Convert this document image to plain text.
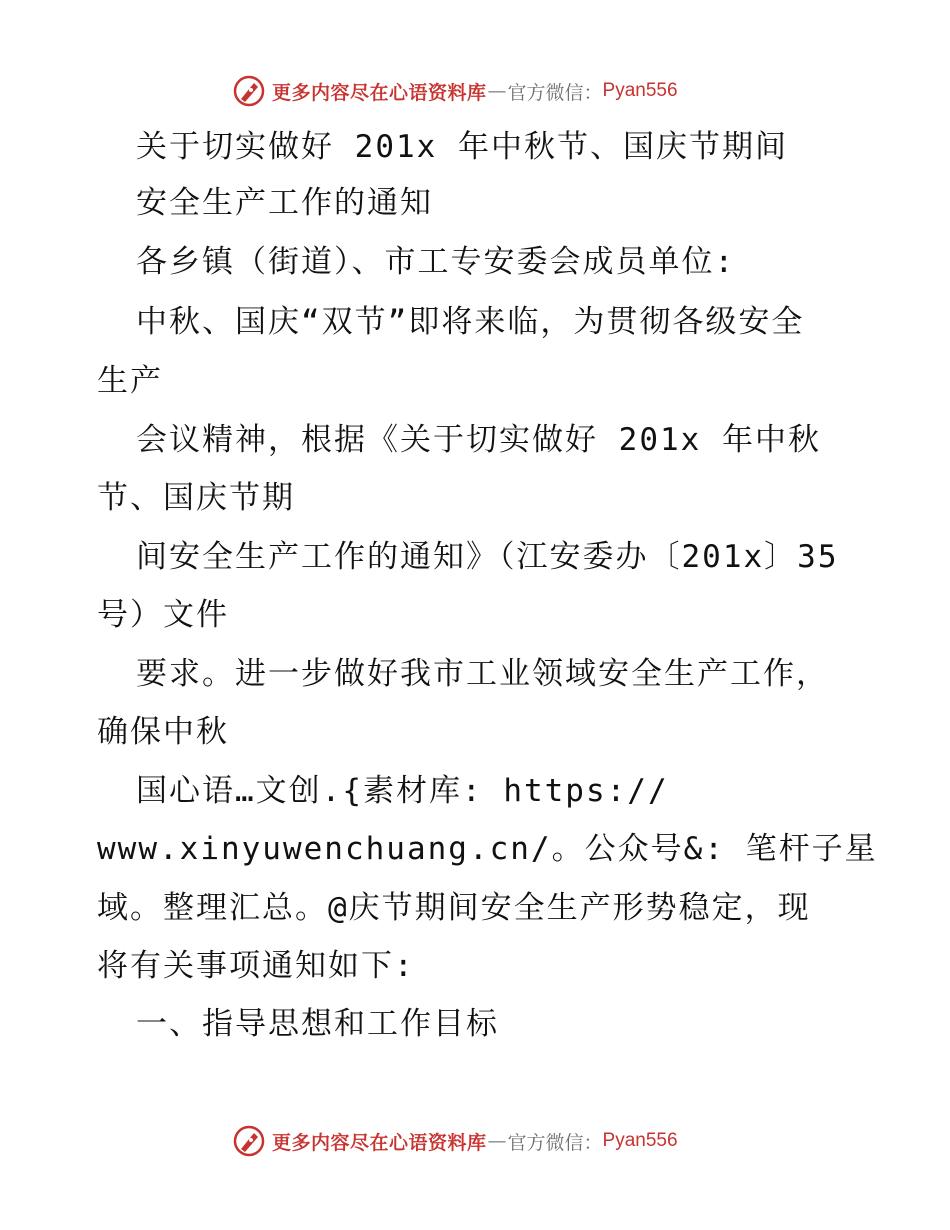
更多内容尽在心语资料库 — 官方微信： Pyan556

关于切实做好 201x 年中秋节、国庆节期间

安全生产工作的通知

各乡镇（街道）、市工专安委会成员单位:

中秋、国庆“双节”即将来临，为贯彻各级安全

生产

会议精神，根据《关于切实做好 201x 年中秋

节、国庆节期

间安全生产工作的通知》（江安委办〔201x〕35

号）文件

要求。进一步做好我市工业领域安全生产工作，

确保中秋

国心语…文创.{素材库: https://

www.xinyuwenchuang.cn/。公众号&: 笔杆子星

域。整理汇总。@庆节期间安全生产形势稳定，现

将有关事项通知如下:

一、指导思想和工作目标

更多内容尽在心语资料库 — 官方微信： Pyan556
